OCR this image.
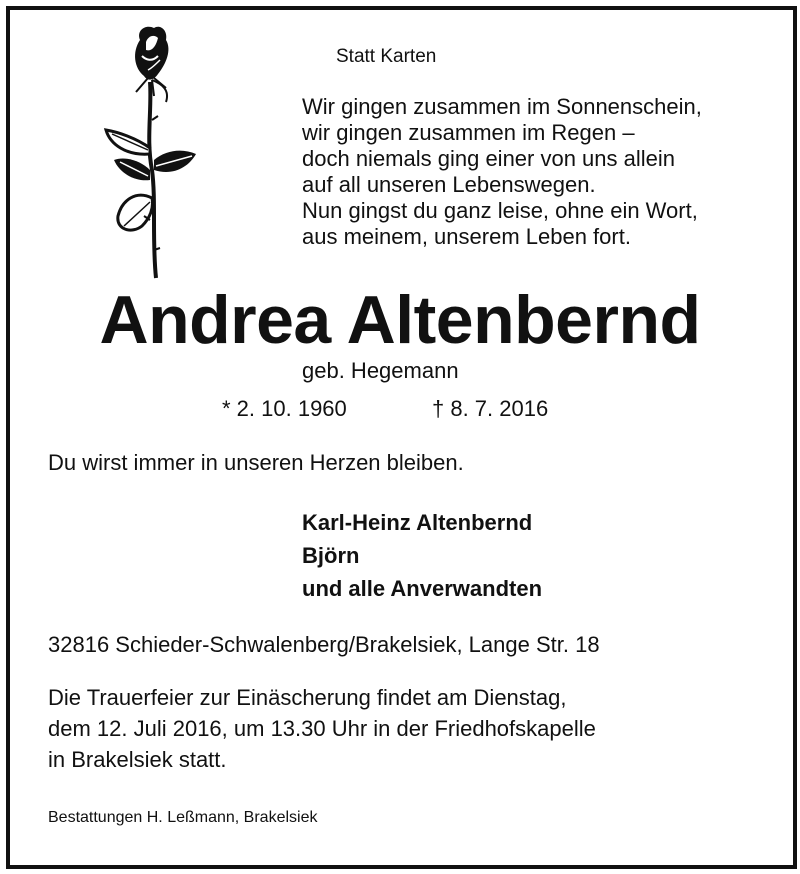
Statt Karten
Wir gingen zusammen im Sonnenschein,
wir gingen zusammen im Regen –
doch niemals ging einer von uns allein
auf all unseren Lebenswegen.
Nun gingst du ganz leise, ohne ein Wort,
aus meinem, unserem Leben fort.
Andrea Altenbernd
geb. Hegemann
* 2. 10. 1960	† 8. 7. 2016
Du wirst immer in unseren Herzen bleiben.
Karl-Heinz Altenbernd
Björn
und alle Anverwandten
32816 Schieder-Schwalenberg/Brakelsiek, Lange Str. 18
Die Trauerfeier zur Einäscherung findet am Dienstag,
dem 12. Juli 2016, um 13.30 Uhr in der Friedhofskapelle
in Brakelsiek statt.
Bestattungen H. Leßmann, Brakelsiek
